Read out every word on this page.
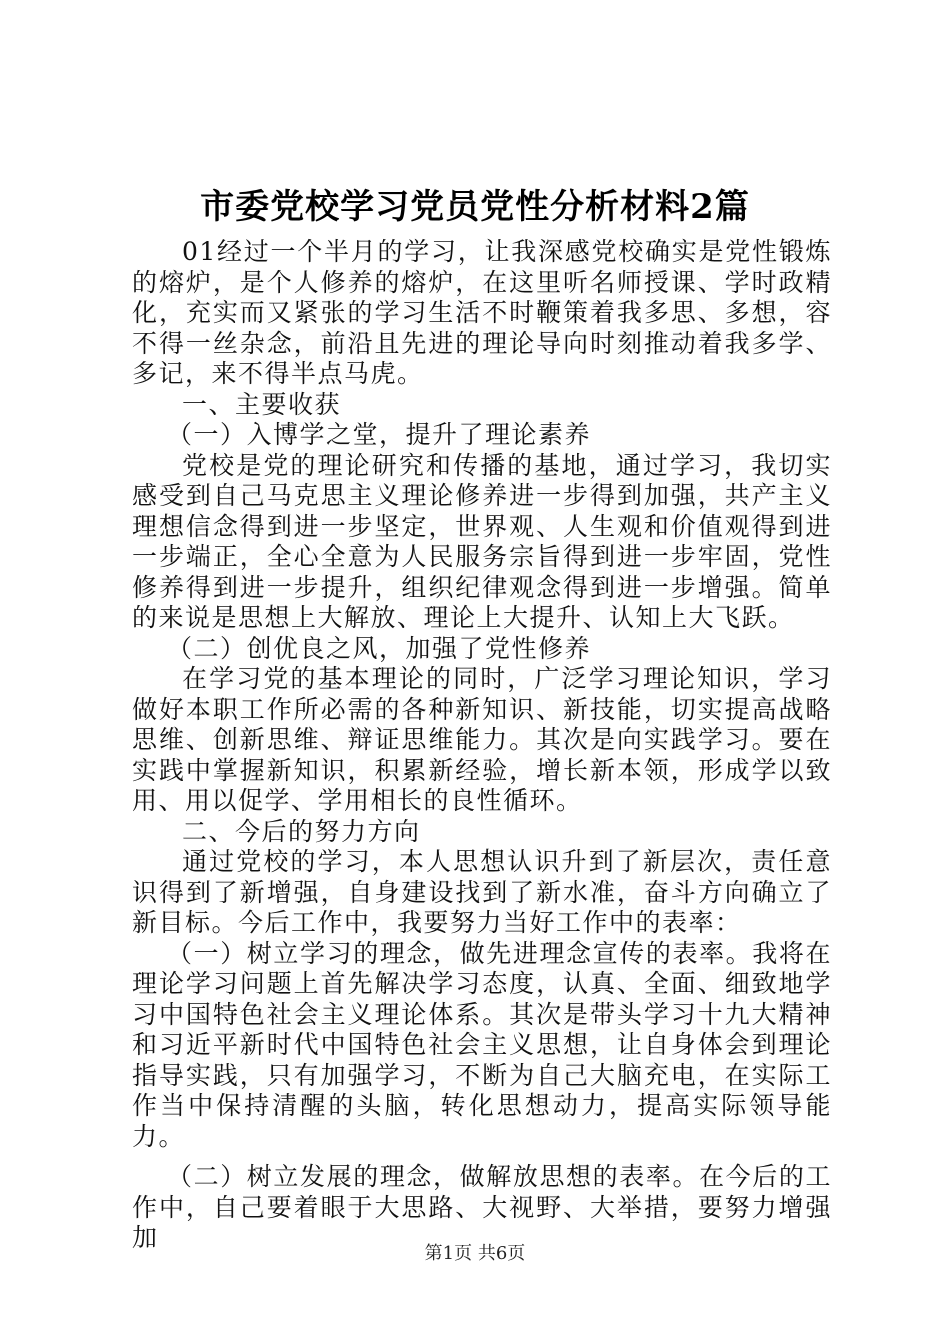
市委党校学习党员党性分析材料2篇

01经过一个半月的学习，让我深感党校确实是党性锻炼的熔炉，是个人修养的熔炉，在这里听名师授课、学时政精化，充实而又紧张的学习生活不时鞭策着我多思、多想，容不得一丝杂念，前沿且先进的理论导向时刻推动着我多学、多记，来不得半点马虎。

一、主要收获

（一）入博学之堂，提升了理论素养

党校是党的理论研究和传播的基地，通过学习，我切实感受到自己马克思主义理论修养进一步得到加强，共产主义理想信念得到进一步坚定，世界观、人生观和价值观得到进一步端正，全心全意为人民服务宗旨得到进一步牢固，党性修养得到进一步提升，组织纪律观念得到进一步增强。简单的来说是思想上大解放、理论上大提升、认知上大飞跃。

（二）创优良之风，加强了党性修养

在学习党的基本理论的同时，广泛学习理论知识，学习做好本职工作所必需的各种新知识、新技能，切实提高战略思维、创新思维、辩证思维能力。其次是向实践学习。要在实践中掌握新知识，积累新经验，增长新本领，形成学以致用、用以促学、学用相长的良性循环。

二、今后的努力方向

通过党校的学习，本人思想认识升到了新层次，责任意识得到了新增强，自身建设找到了新水准，奋斗方向确立了新目标。今后工作中，我要努力当好工作中的表率：

（一）树立学习的理念，做先进理念宣传的表率。我将在理论学习问题上首先解决学习态度，认真、全面、细致地学习中国特色社会主义理论体系。其次是带头学习十九大精神和习近平新时代中国特色社会主义思想，让自身体会到理论指导实践，只有加强学习，不断为自己大脑充电，在实际工作当中保持清醒的头脑，转化思想动力，提高实际领导能力。

（二）树立发展的理念，做解放思想的表率。在今后的工作中，自己要着眼于大思路、大视野、大举措，要努力增强加

第1页 共6页
